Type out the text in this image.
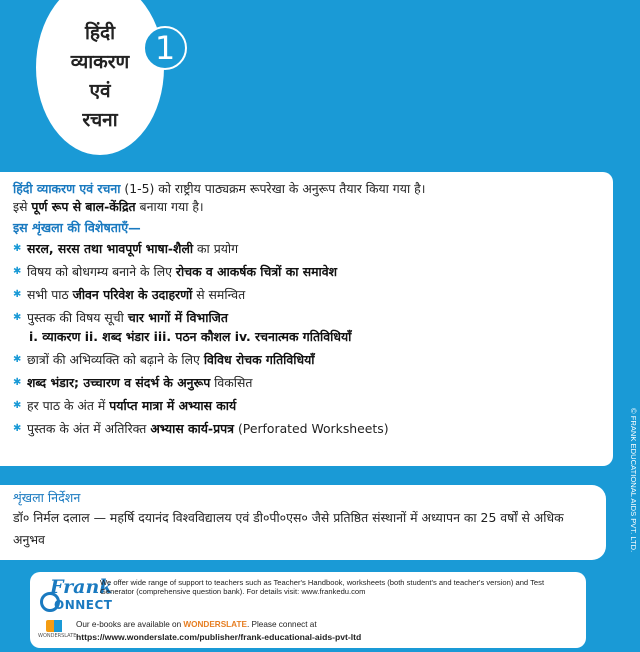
हिंदी
व्याकरण
एवं
रचना
1

हिंदी व्याकरण एवं रचना (1-5) को राष्ट्रीय पाठ्यक्रम रूपरेखा के अनुरूप तैयार किया गया है।

इसे पूर्ण रूप से बाल-केंद्रित बनाया गया है।

इस शृंखला की विशेषताएँ—

✱ सरल, सरस तथा भावपूर्ण भाषा-शैली का प्रयोग
✱ विषय को बोधगम्य बनाने के लिए रोचक व आकर्षक चित्रों का समावेश
✱ सभी पाठ जीवन परिवेश के उदाहरणों से समन्वित
✱ पुस्तक की विषय सूची चार भागों में विभाजित
i. व्याकरण ii. शब्द भंडार iii. पठन कौशल iv. रचनात्मक गतिविधियाँ
✱ छात्रों की अभिव्यक्ति को बढ़ाने के लिए विविध रोचक गतिविधियाँ
✱ शब्द भंडार; उच्चारण व संदर्भ के अनुरूप विकसित
✱ हर पाठ के अंत में पर्याप्त मात्रा में अभ्यास कार्य
✱ पुस्तक के अंत में अतिरिक्त अभ्यास कार्य-प्रपत्र (Perforated Worksheets)

शृंखला निर्देशन

डॉ० निर्मल दलाल — महर्षि दयानंद विश्वविद्यालय एवं डी०पी०एस० जैसे प्रतिष्ठित संस्थानों में अध्यापन का 25 वर्षों से अधिक अनुभव

Frank
ONNECT

We offer wide range of support to teachers such as Teacher's Handbook, worksheets (both student's and teacher's version) and Test Generator (comprehensive question bank). For details visit: www.frankedu.com

WONDERSLATE

Our e-books are available on WONDERSLATE. Please connect at

https://www.wonderslate.com/publisher/frank-educational-aids-pvt-ltd

© FRANK EDUCATIONAL AIDS PVT. LTD.
